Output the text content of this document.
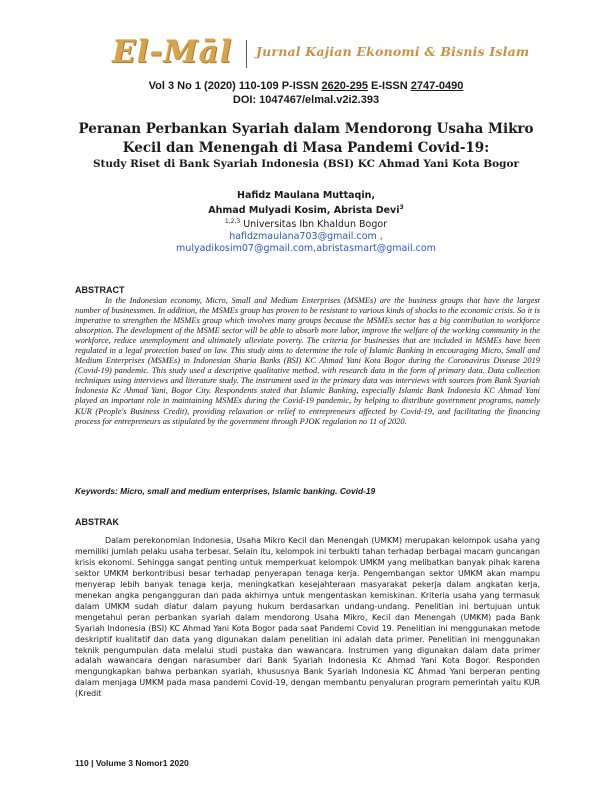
El-Māl Jurnal Kajian Ekonomi & Bisnis Islam
Vol 3 No 1 (2020) 110-109 P-ISSN 2620-295 E-ISSN 2747-0490
DOI: 1047467/elmal.v2i2.393
Peranan Perbankan Syariah dalam Mendorong Usaha Mikro Kecil dan Menengah di Masa Pandemi Covid-19:
Study Riset di Bank Syariah Indonesia (BSI) KC Ahmad Yani Kota Bogor
Hafidz Maulana Muttaqin,
Ahmad Mulyadi Kosim, Abrista Devi$^3$
$^{1,2,3}$ Universitas Ibn Khaldun Bogor
hafidzmaulana703@gmail.com ,
mulyadikosim07@gmail.com,abristasmart@gmail.com
ABSTRACT
In the Indonesian economy, Micro, Small and Medium Enterprises (MSMEs) are the business groups that have the largest number of businessmen. In addition, the MSMEs group has proven to be resistant to various kinds of shocks to the economic crisis. So it is imperative to strengthen the MSMEs group which involves many groups because the MSMEs sector has a big contribution to workforce absorption. The development of the MSME sector will be able to absorb more labor, improve the welfare of the working community in the workforce, reduce unemployment and ultimately alleviate poverty. The criteria for businesses that are included in MSMEs have been regulated in a legal protection based on law. This study aims to determine the role of Islamic Banking in encouraging Micro, Small and Medium Enterprises (MSMEs) in Indonesian Sharia Banks (BSI) KC Ahmad Yani Kota Bogor during the Coronavirus Disease 2019 (Covid-19) pandemic. This study used a descriptive qualitative method, with research data in the form of primary data. Data collection techniques using interviews and literature study. The instrument used in the primary data was interviews with sources from Bank Syariah Indonesia Kc Ahmad Yani, Bogor City. Respondents stated that Islamic Banking, especially Islamic Bank Indonesia KC Ahmad Yani played an important role in maintaining MSMEs during the Covid-19 pandemic, by helping to distribute government programs, namely KUR (People's Business Credit), providing relaxation or relief to entrepreneurs affected by Covid-19, and facilitating the financing process for entrepreneurs as stipulated by the government through PJOK regulation no 11 of 2020.
Keywords: Micro, small and medium enterprises, Islamic banking. Covid-19
ABSTRAK
Dalam perekonomian Indonesia, Usaha Mikro Kecil dan Menengah (UMKM) merupakan kelompok usaha yang memiliki jumlah pelaku usaha terbesar. Selain itu, kelompok ini terbukti tahan terhadap berbagai macam guncangan krisis ekonomi. Sehingga sangat penting untuk memperkuat kelompok UMKM yang melibatkan banyak pihak karena sektor UMKM berkontribusi besar terhadap penyerapan tenaga kerja. Pengembangan sektor UMKM akan mampu menyerap lebih banyak tenaga kerja, meningkatkan kesejahteraan masyarakat pekerja dalam angkatan kerja, menekan angka pengangguran dan pada akhirnya untuk mengentaskan kemiskinan. Kriteria usaha yang termasuk dalam UMKM sudah diatur dalam payung hukum berdasarkan undang-undang. Penelitian ini bertujuan untuk mengetahui peran perbankan syariah dalam mendorong Usaha Mikro, Kecil dan Menengah (UMKM) pada Bank Syariah Indonesia (BSI) KC Ahmad Yani Kota Bogor pada saat Pandemi Covid 19. Penelitian ini menggunakan metode deskriptif kualitatif dan data yang digunakan dalam penelitian ini adalah data primer. Penelitian ini menggunakan teknik pengumpulan data melalui studi pustaka dan wawancara. Instrumen yang digunakan dalam data primer adalah wawancara dengan narasumber dari Bank Syariah Indonesia Kc Ahmad Yani Kota Bogor. Responden mengungkapkan bahwa perbankan syariah, khususnya Bank Syariah Indonesia KC Ahmad Yani berperan penting dalam menjaga UMKM pada masa pandemi Covid-19, dengan membantu penyaluran program pemerintah yaitu KUR (Kredit
110 | Volume 3 Nomor1 2020
